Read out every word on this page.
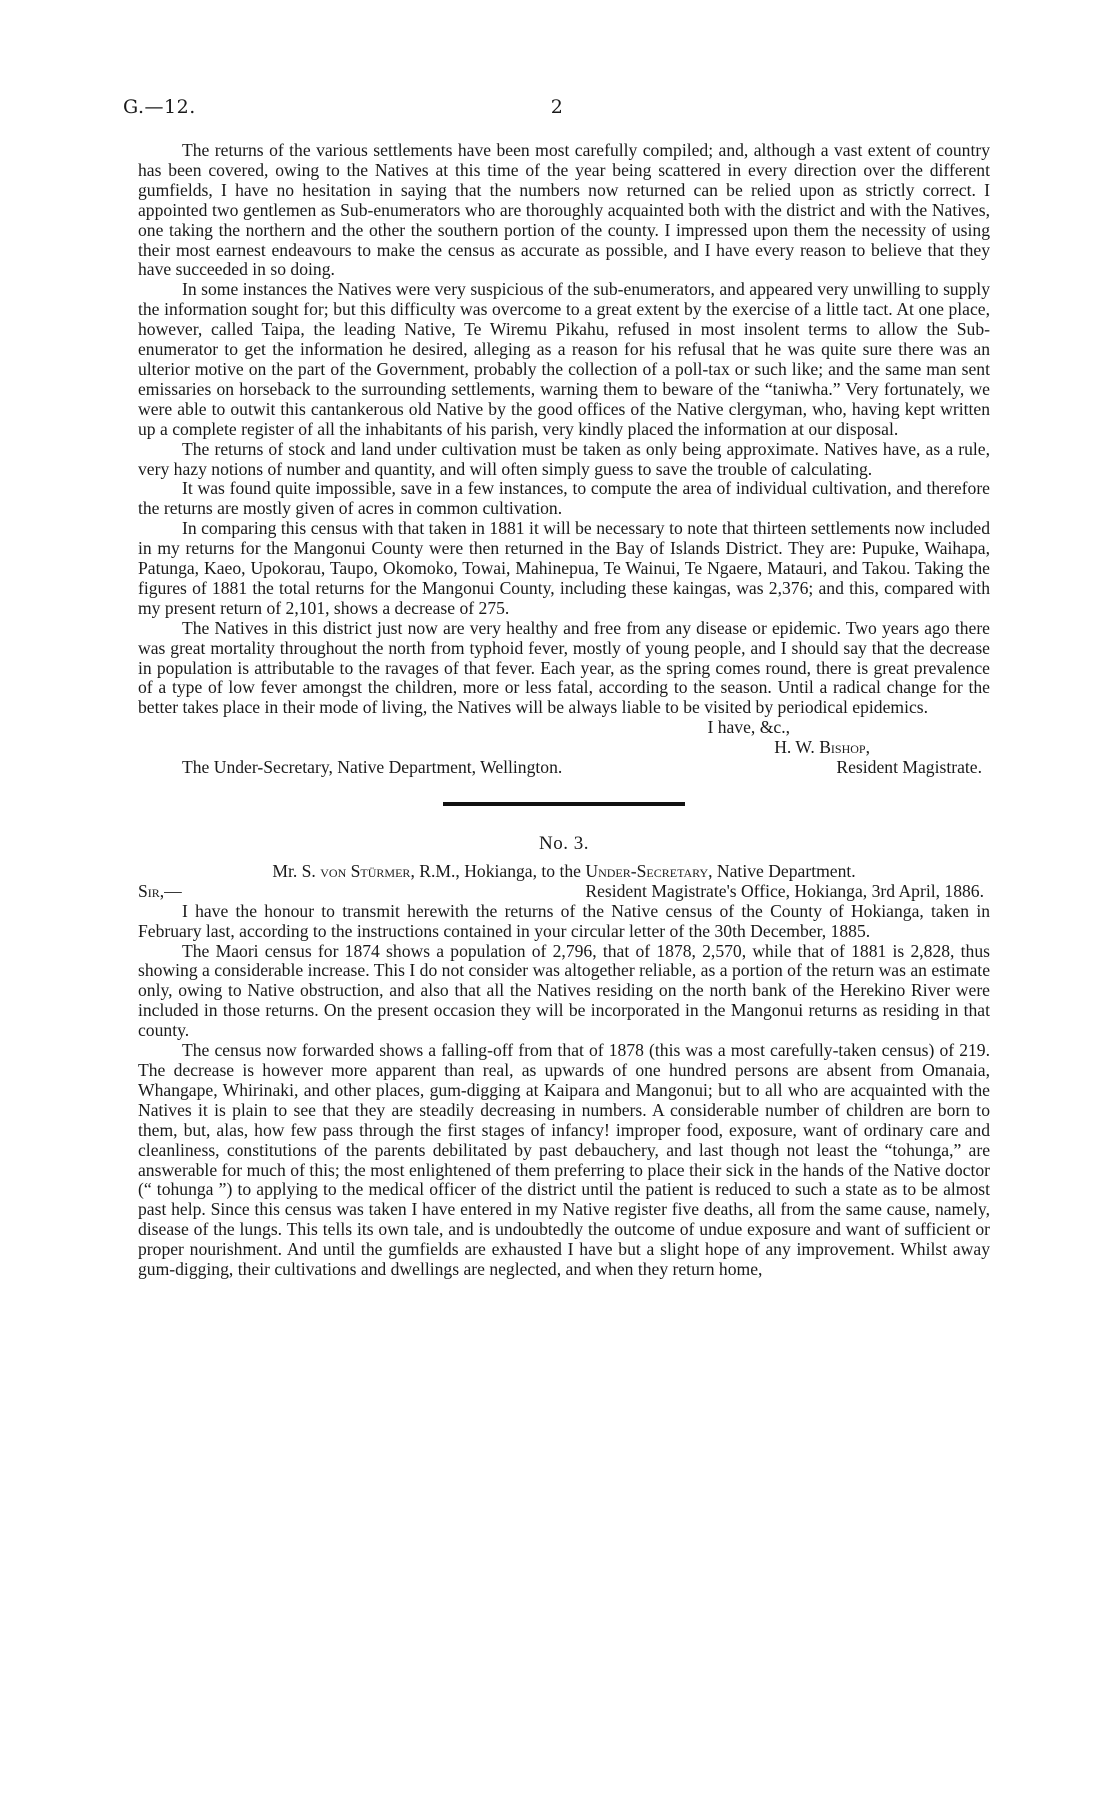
G.—12.	2

The returns of the various settlements have been most carefully compiled; and, although a vast extent of country has been covered, owing to the Natives at this time of the year being scattered in every direction over the different gumfields, I have no hesitation in saying that the numbers now returned can be relied upon as strictly correct. I appointed two gentlemen as Sub-enumerators who are thoroughly acquainted both with the district and with the Natives, one taking the northern and the other the southern portion of the county. I impressed upon them the necessity of using their most earnest endeavours to make the census as accurate as possible, and I have every reason to believe that they have succeeded in so doing.

In some instances the Natives were very suspicious of the sub-enumerators, and appeared very unwilling to supply the information sought for; but this difficulty was overcome to a great extent by the exercise of a little tact. At one place, however, called Taipa, the leading Native, Te Wiremu Pikahu, refused in most insolent terms to allow the Sub-enumerator to get the information he desired, alleging as a reason for his refusal that he was quite sure there was an ulterior motive on the part of the Government, probably the collection of a poll-tax or such like; and the same man sent emissaries on horseback to the surrounding settlements, warning them to beware of the “taniwha.” Very fortunately, we were able to outwit this cantankerous old Native by the good offices of the Native clergyman, who, having kept written up a complete register of all the inhabitants of his parish, very kindly placed the information at our disposal.

The returns of stock and land under cultivation must be taken as only being approximate. Natives have, as a rule, very hazy notions of number and quantity, and will often simply guess to save the trouble of calculating.

It was found quite impossible, save in a few instances, to compute the area of individual cultivation, and therefore the returns are mostly given of acres in common cultivation.

In comparing this census with that taken in 1881 it will be necessary to note that thirteen settlements now included in my returns for the Mangonui County were then returned in the Bay of Islands District. They are: Pupuke, Waihapa, Patunga, Kaeo, Upokorau, Taupo, Okomoko, Towai, Mahinepua, Te Wainui, Te Ngaere, Matauri, and Takou. Taking the figures of 1881 the total returns for the Mangonui County, including these kaingas, was 2,376; and this, compared with my present return of 2,101, shows a decrease of 275.

The Natives in this district just now are very healthy and free from any disease or epidemic. Two years ago there was great mortality throughout the north from typhoid fever, mostly of young people, and I should say that the decrease in population is attributable to the ravages of that fever. Each year, as the spring comes round, there is great prevalence of a type of low fever amongst the children, more or less fatal, according to the season. Until a radical change for the better takes place in their mode of living, the Natives will be always liable to be visited by periodical epidemics.

I have, &c.,
H. W. Bishop,
The Under-Secretary, Native Department, Wellington.	Resident Magistrate.
No. 3.
Mr. S. von Stürmer, R.M., Hokianga, to the Under-Secretary, Native Department.
Sir,—	Resident Magistrate's Office, Hokianga, 3rd April, 1886.

I have the honour to transmit herewith the returns of the Native census of the County of Hokianga, taken in February last, according to the instructions contained in your circular letter of the 30th December, 1885.

The Maori census for 1874 shows a population of 2,796, that of 1878, 2,570, while that of 1881 is 2,828, thus showing a considerable increase. This I do not consider was altogether reliable, as a portion of the return was an estimate only, owing to Native obstruction, and also that all the Natives residing on the north bank of the Herekino River were included in those returns. On the present occasion they will be incorporated in the Mangonui returns as residing in that county.

The census now forwarded shows a falling-off from that of 1878 (this was a most carefully-taken census) of 219. The decrease is however more apparent than real, as upwards of one hundred persons are absent from Omanaia, Whangape, Whirinaki, and other places, gum-digging at Kaipara and Mangonui; but to all who are acquainted with the Natives it is plain to see that they are steadily decreasing in numbers. A considerable number of children are born to them, but, alas, how few pass through the first stages of infancy! improper food, exposure, want of ordinary care and cleanliness, constitutions of the parents debilitated by past debauchery, and last though not least the “tohunga,” are answerable for much of this; the most enlightened of them preferring to place their sick in the hands of the Native doctor (“ tohunga ”) to applying to the medical officer of the district until the patient is reduced to such a state as to be almost past help. Since this census was taken I have entered in my Native register five deaths, all from the same cause, namely, disease of the lungs. This tells its own tale, and is undoubtedly the outcome of undue exposure and want of sufficient or proper nourishment. And until the gumfields are exhausted I have but a slight hope of any improvement. Whilst away gum-digging, their cultivations and dwellings are neglected, and when they return home,
